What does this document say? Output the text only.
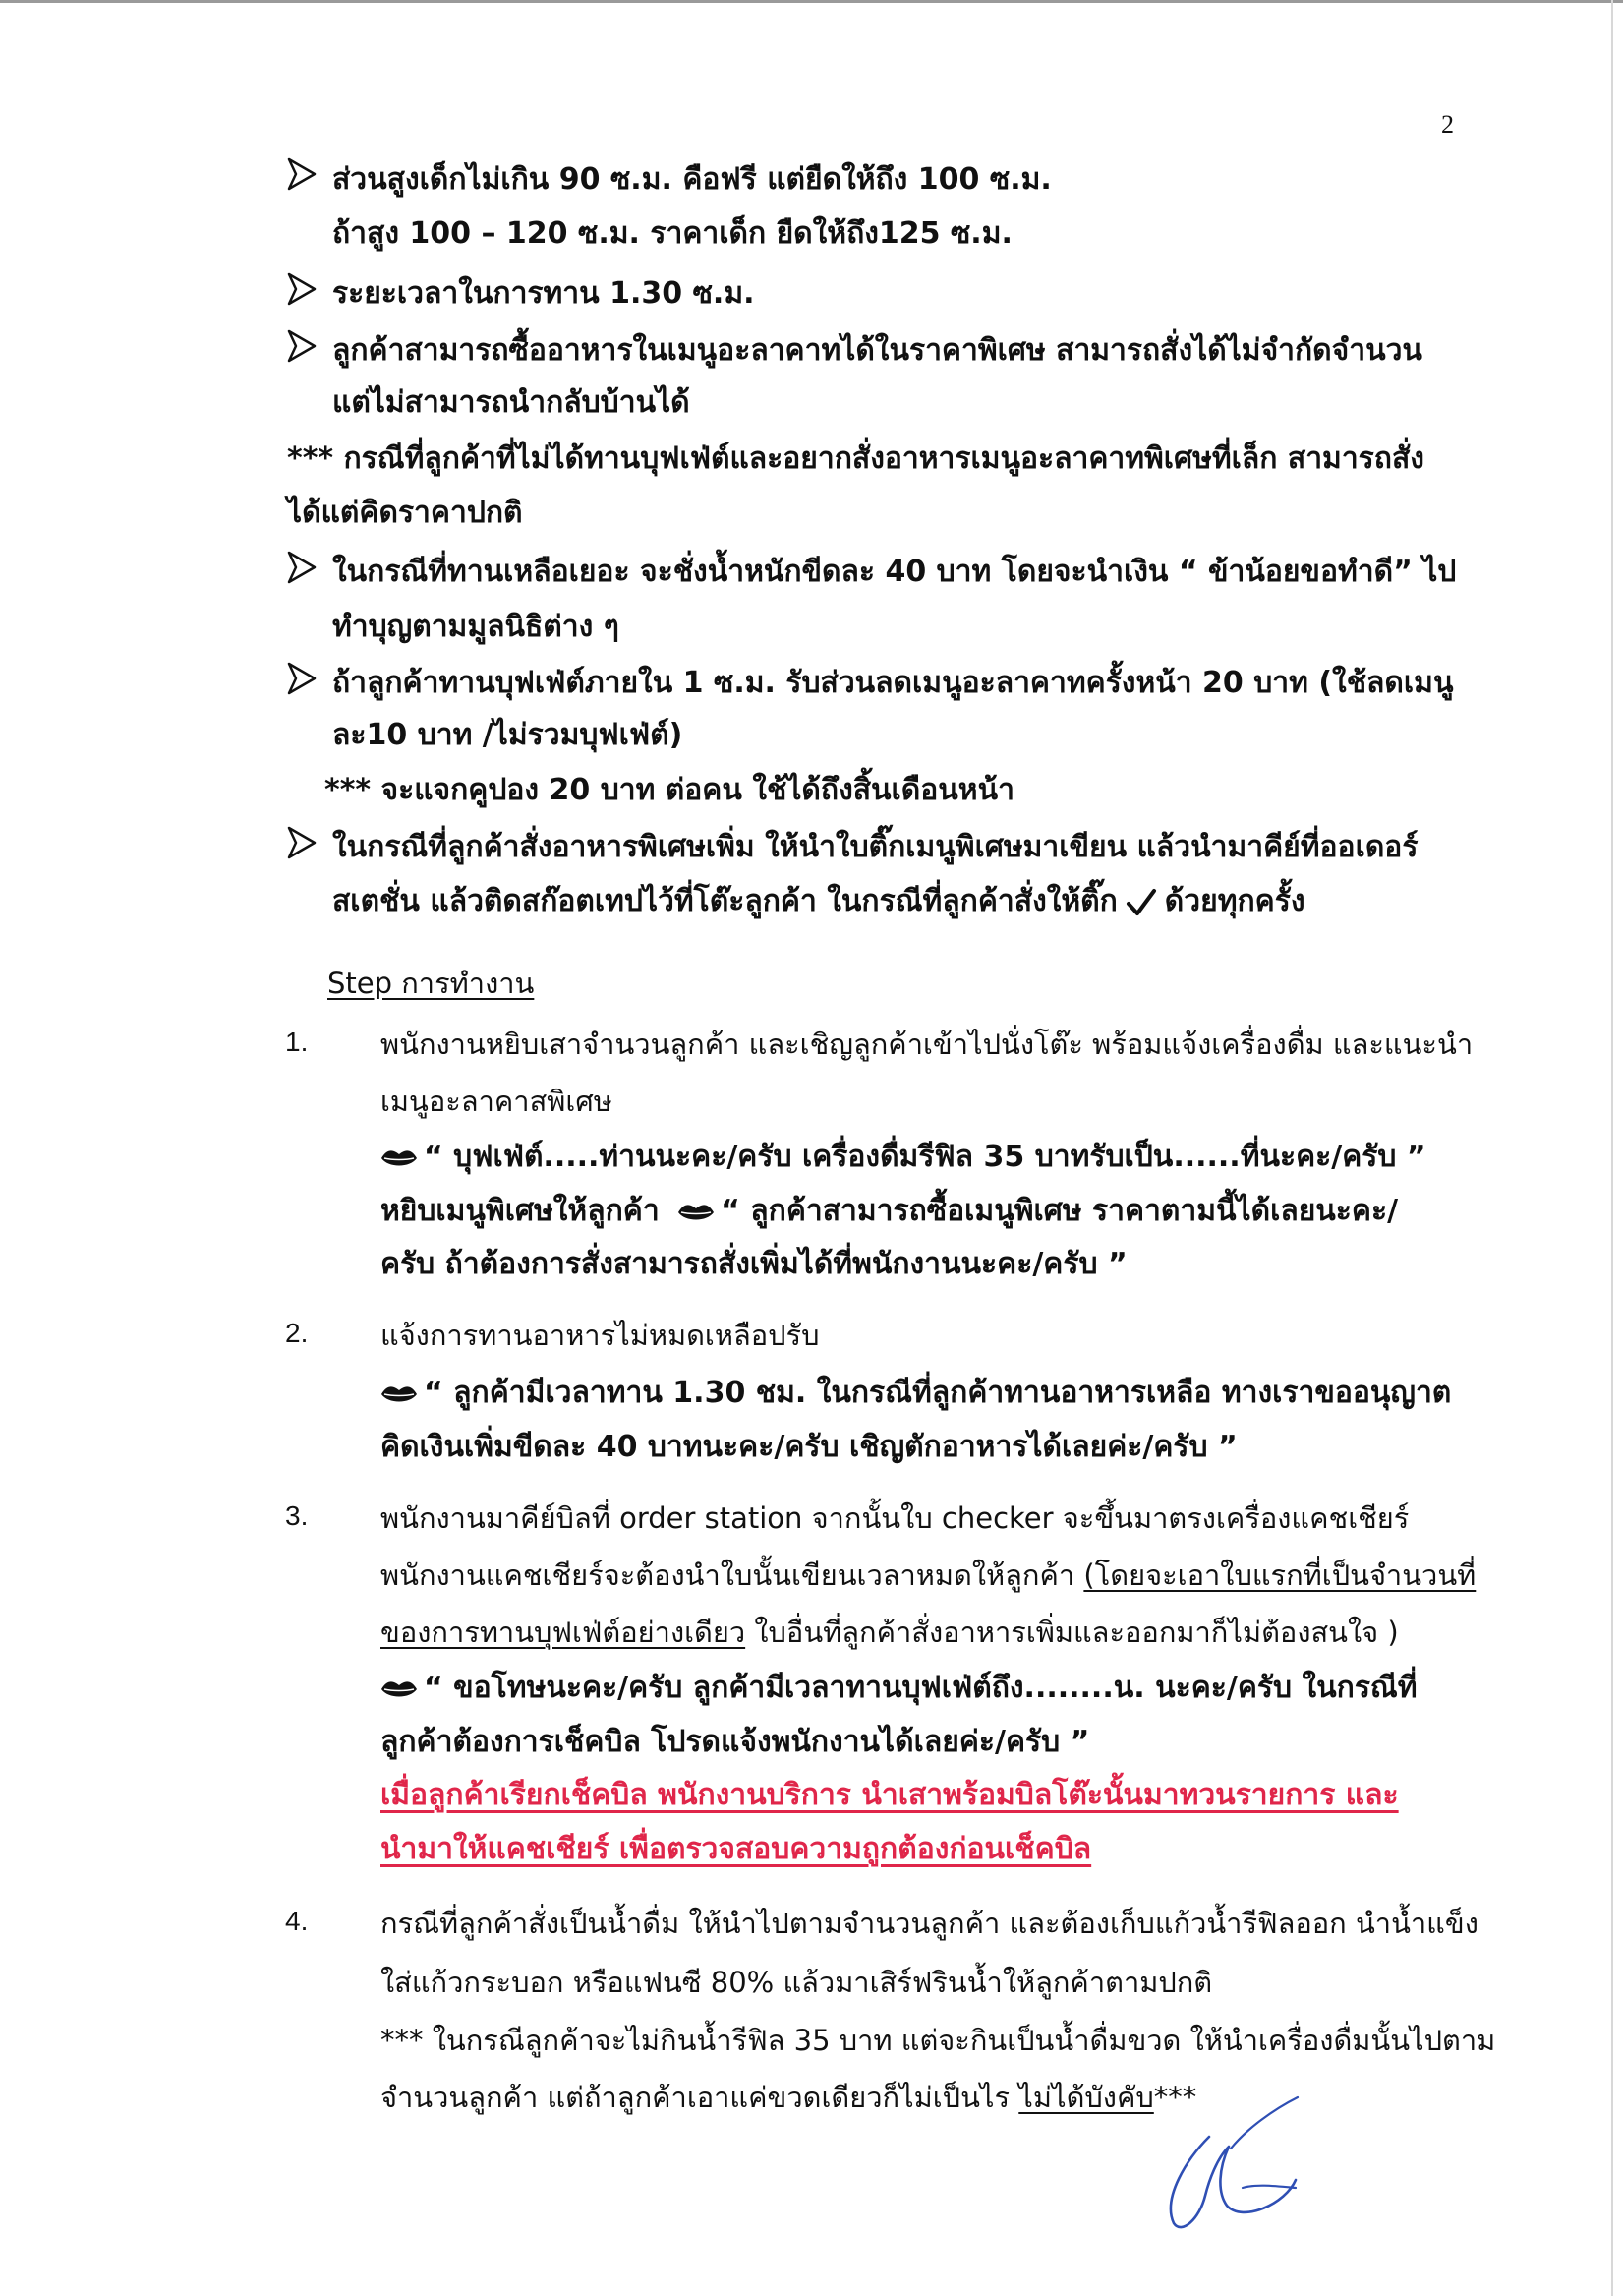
2
ส่วนสูงเด็กไม่เกิน 90 ซ.ม. คือฟรี แต่ยืดให้ถึง 100 ซ.ม.
ถ้าสูง 100 – 120 ซ.ม. ราคาเด็ก ยืดให้ถึง125 ซ.ม.
ระยะเวลาในการทาน 1.30 ซ.ม.
ลูกค้าสามารถซื้ออาหารในเมนูอะลาคาทได้ในราคาพิเศษ สามารถสั่งได้ไม่จำกัดจำนวน
แต่ไม่สามารถนำกลับบ้านได้
*** กรณีที่ลูกค้าที่ไม่ได้ทานบุฟเฟ่ต์และอยากสั่งอาหารเมนูอะลาคาทพิเศษที่เล็ก สามารถสั่ง
ได้แต่คิดราคาปกติ
ในกรณีที่ทานเหลือเยอะ จะชั่งน้ำหนักขีดละ 40 บาท โดยจะนำเงิน “ ข้าน้อยขอทำดี” ไป
ทำบุญตามมูลนิธิต่าง ๆ
ถ้าลูกค้าทานบุฟเฟ่ต์ภายใน 1 ซ.ม. รับส่วนลดเมนูอะลาคาทครั้งหน้า 20 บาท (ใช้ลดเมนู
ละ10 บาท /ไม่รวมบุฟเฟ่ต์)
*** จะแจกคูปอง 20 บาท ต่อคน ใช้ได้ถึงสิ้นเดือนหน้า
ในกรณีที่ลูกค้าสั่งอาหารพิเศษเพิ่ม ให้นำใบติ๊กเมนูพิเศษมาเขียน แล้วนำมาคีย์ที่ออเดอร์
สเตชั่น แล้วติดสก๊อตเทปไว้ที่โต๊ะลูกค้า ในกรณีที่ลูกค้าสั่งให้ติ๊ก ด้วยทุกครั้ง
Step การทำงาน
1.	พนักงานหยิบเสาจำนวนลูกค้า และเชิญลูกค้าเข้าไปนั่งโต๊ะ พร้อมแจ้งเครื่องดื่ม และแนะนำ
เมนูอะลาคาสพิเศษ
“ บุฟเฟ่ต์.....ท่านนะคะ/ครับ เครื่องดื่มรีฟิล 35 บาทรับเป็น......ที่นะคะ/ครับ ”
หยิบเมนูพิเศษให้ลูกค้า “ ลูกค้าสามารถซื้อเมนูพิเศษ ราคาตามนี้ได้เลยนะคะ/
ครับ ถ้าต้องการสั่งสามารถสั่งเพิ่มได้ที่พนักงานนะคะ/ครับ ”
2.	แจ้งการทานอาหารไม่หมดเหลือปรับ
“ ลูกค้ามีเวลาทาน 1.30 ชม. ในกรณีที่ลูกค้าทานอาหารเหลือ ทางเราขออนุญาต
คิดเงินเพิ่มขีดละ 40 บาทนะคะ/ครับ เชิญตักอาหารได้เลยค่ะ/ครับ ”
3.	พนักงานมาคีย์บิลที่ order station จากนั้นใบ checker จะขึ้นมาตรงเครื่องแคชเชียร์
พนักงานแคชเชียร์จะต้องนำใบนั้นเขียนเวลาหมดให้ลูกค้า (โดยจะเอาใบแรกที่เป็นจำนวนที่
ของการทานบุฟเฟ่ต์อย่างเดียว ใบอื่นที่ลูกค้าสั่งอาหารเพิ่มและออกมาก็ไม่ต้องสนใจ )
“ ขอโทษนะคะ/ครับ ลูกค้ามีเวลาทานบุฟเฟ่ต์ถึง........น. นะคะ/ครับ ในกรณีที่
ลูกค้าต้องการเช็คบิล โปรดแจ้งพนักงานได้เลยค่ะ/ครับ ”
เมื่อลูกค้าเรียกเช็คบิล พนักงานบริการ นำเสาพร้อมบิลโต๊ะนั้นมาทวนรายการ และ
นำมาให้แคชเชียร์ เพื่อตรวจสอบความถูกต้องก่อนเช็คบิล
4.	กรณีที่ลูกค้าสั่งเป็นน้ำดื่ม ให้นำไปตามจำนวนลูกค้า และต้องเก็บแก้วน้ำรีฟิลออก นำน้ำแข็ง
ใส่แก้วกระบอก หรือแฟนซี 80% แล้วมาเสิร์ฟรินน้ำให้ลูกค้าตามปกติ
*** ในกรณีลูกค้าจะไม่กินน้ำรีฟิล 35 บาท แต่จะกินเป็นน้ำดื่มขวด ให้นำเครื่องดื่มนั้นไปตาม
จำนวนลูกค้า แต่ถ้าลูกค้าเอาแค่ขวดเดียวก็ไม่เป็นไร ไม่ได้บังคับ***
